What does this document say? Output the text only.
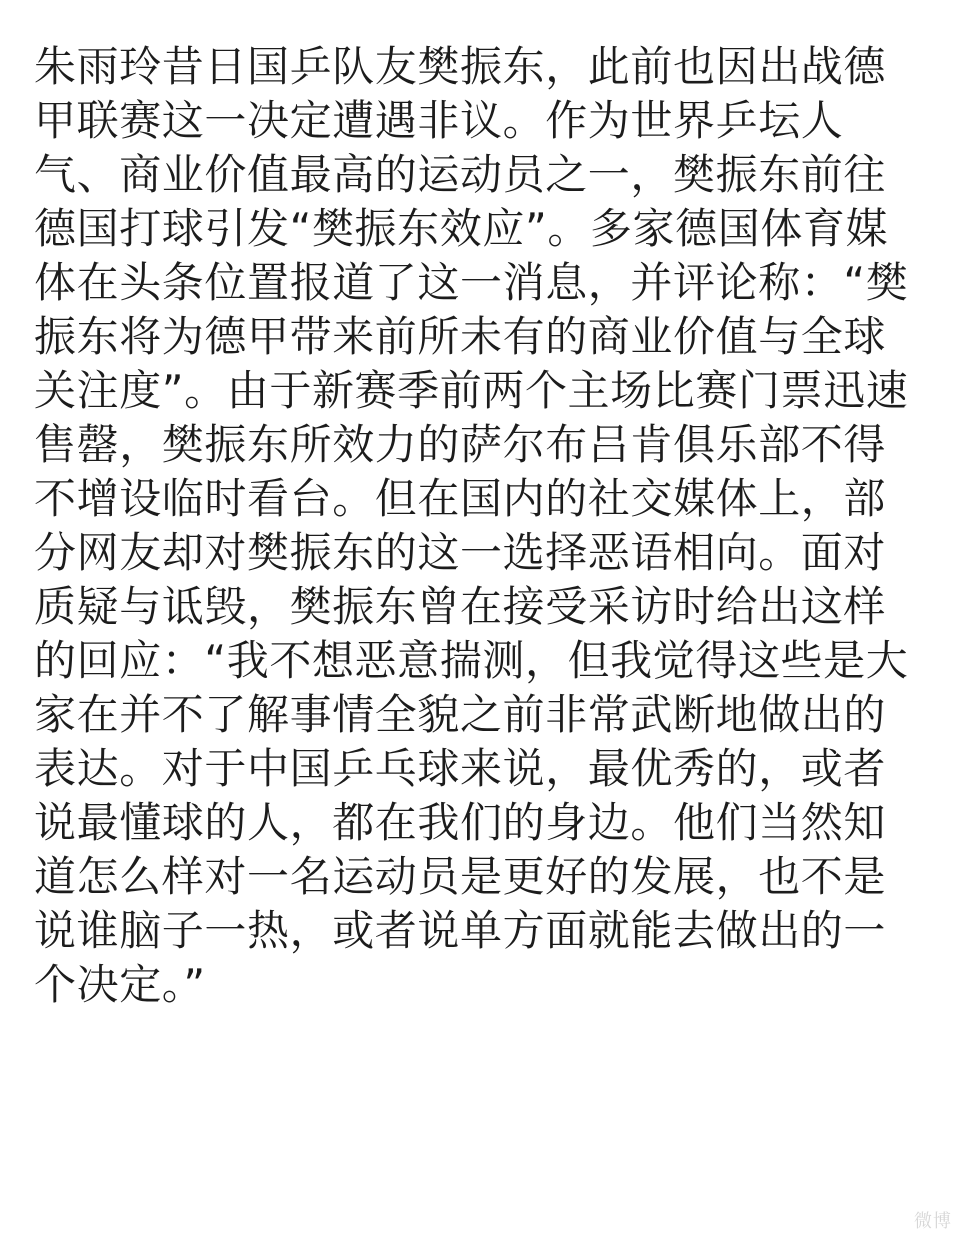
朱雨玲昔日国乒队友樊振东，此前也因出战德
甲联赛这一决定遭遇非议。作为世界乒坛人
气、商业价值最高的运动员之一，樊振东前往
德国打球引发“樊振东效应”。多家德国体育媒
体在头条位置报道了这一消息，并评论称：“樊
振东将为德甲带来前所未有的商业价值与全球
关注度”。由于新赛季前两个主场比赛门票迅速
售罄，樊振东所效力的萨尔布吕肯俱乐部不得
不增设临时看台。但在国内的社交媒体上，部
分网友却对樊振东的这一选择恶语相向。面对
质疑与诋毁，樊振东曾在接受采访时给出这样
的回应：“我不想恶意揣测，但我觉得这些是大
家在并不了解事情全貌之前非常武断地做出的
表达。对于中国乒乓球来说，最优秀的，或者
说最懂球的人，都在我们的身边。他们当然知
道怎么样对一名运动员是更好的发展，也不是
说谁脑子一热，或者说单方面就能去做出的一
个决定。”
微博
